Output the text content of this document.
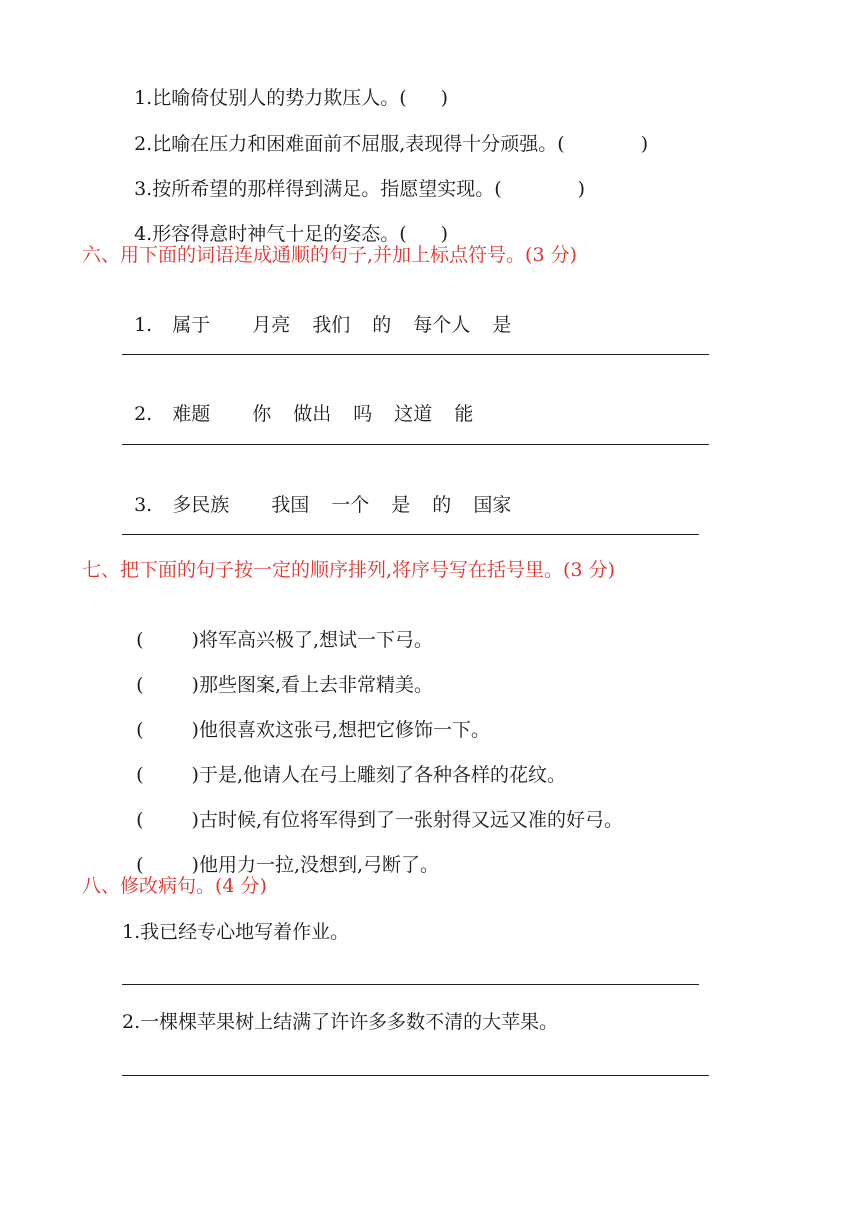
1.比喻倚仗别人的势力欺压人。( )

2.比喻在压力和困难面前不屈服,表现得十分顽强。(	)

3.按所希望的那样得到满足。指愿望实现。(	)

4.形容得意时神气十足的姿态。( )

六、用下面的词语连成通顺的句子,并加上标点符号。(3 分)

1. 属于 月亮 我们 的 每个人 是

2. 难题 你 做出 吗 这道 能

3. 多民族 我国 一个 是 的 国家

七、把下面的句子按一定的顺序排列,将序号写在括号里。(3 分)

(	)将军高兴极了,想试一下弓。

(	)那些图案,看上去非常精美。

(	)他很喜欢这张弓,想把它修饰一下。

(	)于是,他请人在弓上雕刻了各种各样的花纹。

(	)古时候,有位将军得到了一张射得又远又准的好弓。

(	)他用力一拉,没想到,弓断了。

八、修改病句。(4 分)
1.我已经专心地写着作业。
2.一棵棵苹果树上结满了许许多多数不清的大苹果。
